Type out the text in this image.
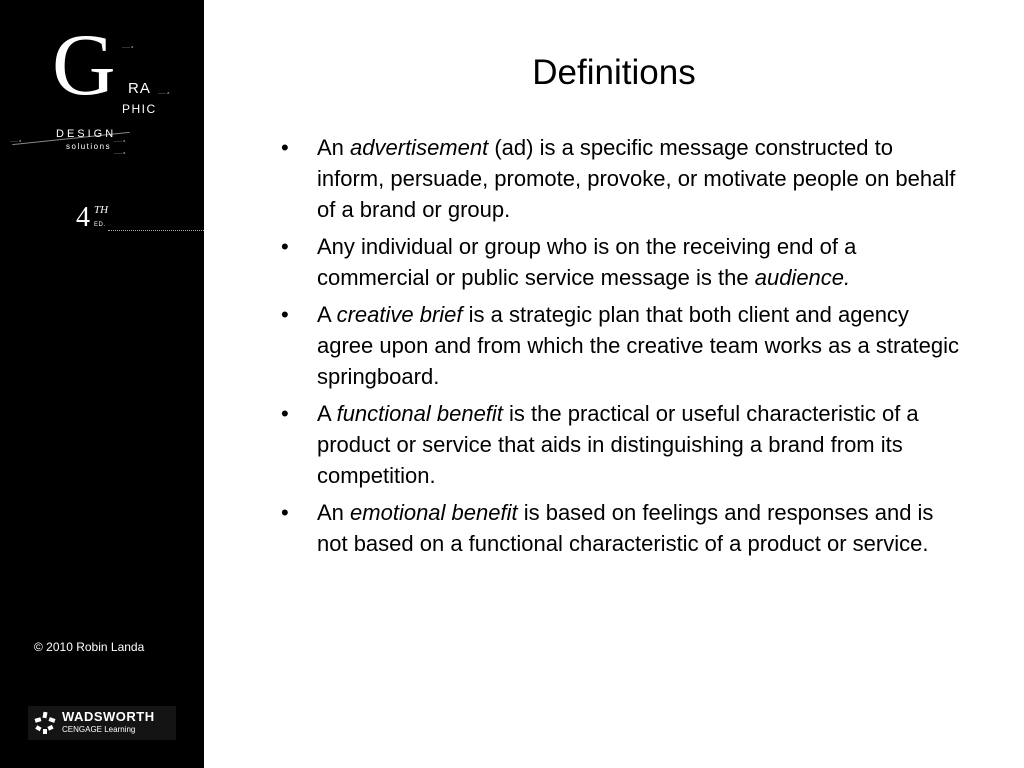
G —— a
RA —— a
PHIC
—— a
DESIGN
—— a
solutions
—— a
4 TH
ED.
© 2010 Robin Landa
WADSWORTH
CENGAGE Learning
Definitions
• An advertisement (ad) is a specific message constructed to inform, persuade, promote, provoke, or motivate people on behalf of a brand or group.
• Any individual or group who is on the receiving end of a commercial or public service message is the audience.
• A creative brief is a strategic plan that both client and agency agree upon and from which the creative team works as a strategic springboard.
• A functional benefit is the practical or useful characteristic of a product or service that aids in distinguishing a brand from its competition.
• An emotional benefit is based on feelings and responses and is not based on a functional characteristic of a product or service.
